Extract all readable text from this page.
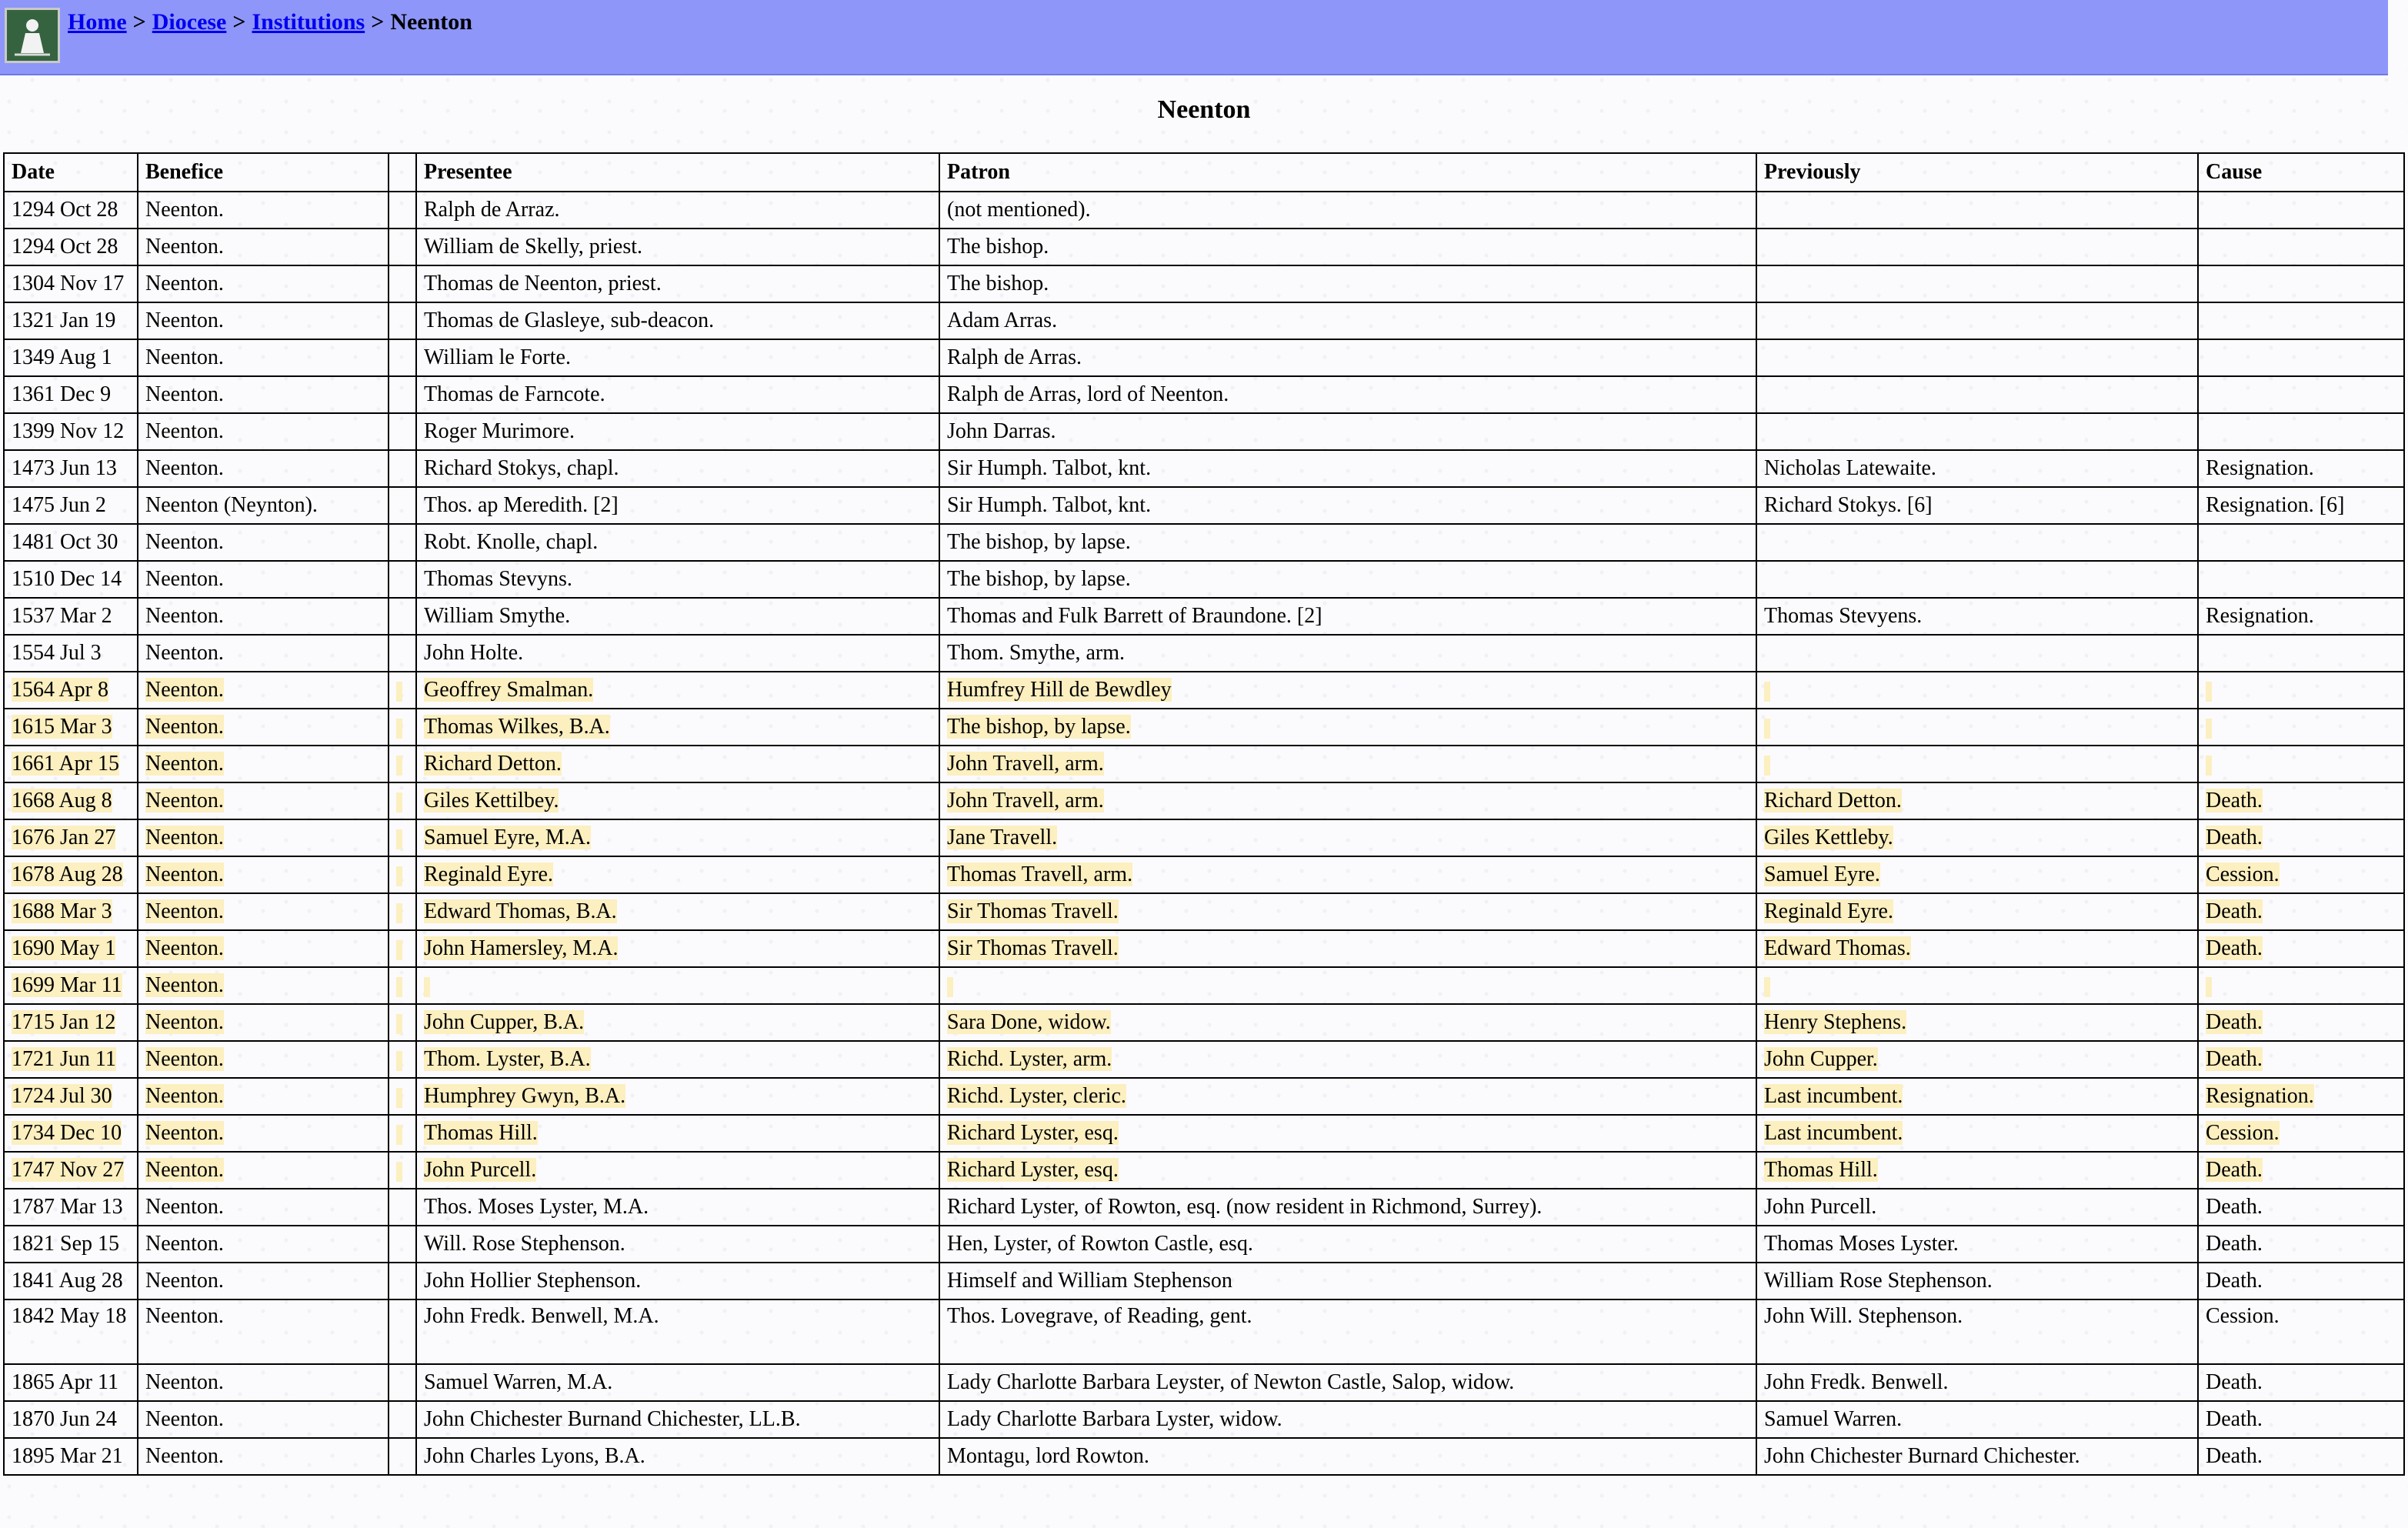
Home > Diocese > Institutions > Neenton
Neenton
Date	Benefice		Presentee	Patron	Previously	Cause
1294 Oct 28	Neenton.		Ralph de Arraz.	(not mentioned).		
1294 Oct 28	Neenton.		William de Skelly, priest.	The bishop.		
1304 Nov 17	Neenton.		Thomas de Neenton, priest.	The bishop.		
1321 Jan 19	Neenton.		Thomas de Glasleye, sub-deacon.	Adam Arras.		
1349 Aug 1	Neenton.		William le Forte.	Ralph de Arras.		
1361 Dec 9	Neenton.		Thomas de Farncote.	Ralph de Arras, lord of Neenton.		
1399 Nov 12	Neenton.		Roger Murimore.	John Darras.		
1473 Jun 13	Neenton.		Richard Stokys, chapl.	Sir Humph. Talbot, knt.	Nicholas Latewaite.	Resignation.
1475 Jun 2	Neenton (Neynton).		Thos. ap Meredith. [2]	Sir Humph. Talbot, knt.	Richard Stokys. [6]	Resignation. [6]
1481 Oct 30	Neenton.		Robt. Knolle, chapl.	The bishop, by lapse.		
1510 Dec 14	Neenton.		Thomas Stevyns.	The bishop, by lapse.		
1537 Mar 2	Neenton.		William Smythe.	Thomas and Fulk Barrett of Braundone. [2]	Thomas Stevyens.	Resignation.
1554 Jul 3	Neenton.		John Holte.	Thom. Smythe, arm.		
1564 Apr 8	Neenton.		Geoffrey Smalman.	Humfrey Hill de Bewdley		
1615 Mar 3	Neenton.		Thomas Wilkes, B.A.	The bishop, by lapse.		
1661 Apr 15	Neenton.		Richard Detton.	John Travell, arm.		
1668 Aug 8	Neenton.		Giles Kettilbey.	John Travell, arm.	Richard Detton.	Death.
1676 Jan 27	Neenton.		Samuel Eyre, M.A.	Jane Travell.	Giles Kettleby.	Death.
1678 Aug 28	Neenton.		Reginald Eyre.	Thomas Travell, arm.	Samuel Eyre.	Cession.
1688 Mar 3	Neenton.		Edward Thomas, B.A.	Sir Thomas Travell.	Reginald Eyre.	Death.
1690 May 1	Neenton.		John Hamersley, M.A.	Sir Thomas Travell.	Edward Thomas.	Death.
1699 Mar 11	Neenton.					
1715 Jan 12	Neenton.		John Cupper, B.A.	Sara Done, widow.	Henry Stephens.	Death.
1721 Jun 11	Neenton.		Thom. Lyster, B.A.	Richd. Lyster, arm.	John Cupper.	Death.
1724 Jul 30	Neenton.		Humphrey Gwyn, B.A.	Richd. Lyster, cleric.	Last incumbent.	Resignation.
1734 Dec 10	Neenton.		Thomas Hill.	Richard Lyster, esq.	Last incumbent.	Cession.
1747 Nov 27	Neenton.		John Purcell.	Richard Lyster, esq.	Thomas Hill.	Death.
1787 Mar 13	Neenton.		Thos. Moses Lyster, M.A.	Richard Lyster, of Rowton, esq. (now resident in Richmond, Surrey).	John Purcell.	Death.
1821 Sep 15	Neenton.		Will. Rose Stephenson.	Hen, Lyster, of Rowton Castle, esq.	Thomas Moses Lyster.	Death.
1841 Aug 28	Neenton.		John Hollier Stephenson.	Himself and William Stephenson	William Rose Stephenson.	Death.
1842 May 18	Neenton.		John Fredk. Benwell, M.A.	Thos. Lovegrave, of Reading, gent.	John Will. Stephenson.	Cession.
1865 Apr 11	Neenton.		Samuel Warren, M.A.	Lady Charlotte Barbara Leyster, of Newton Castle, Salop, widow.	John Fredk. Benwell.	Death.
1870 Jun 24	Neenton.		John Chichester Burnand Chichester, LL.B.	Lady Charlotte Barbara Lyster, widow.	Samuel Warren.	Death.
1895 Mar 21	Neenton.		John Charles Lyons, B.A.	Montagu, lord Rowton.	John Chichester Burnard Chichester.	Death.
